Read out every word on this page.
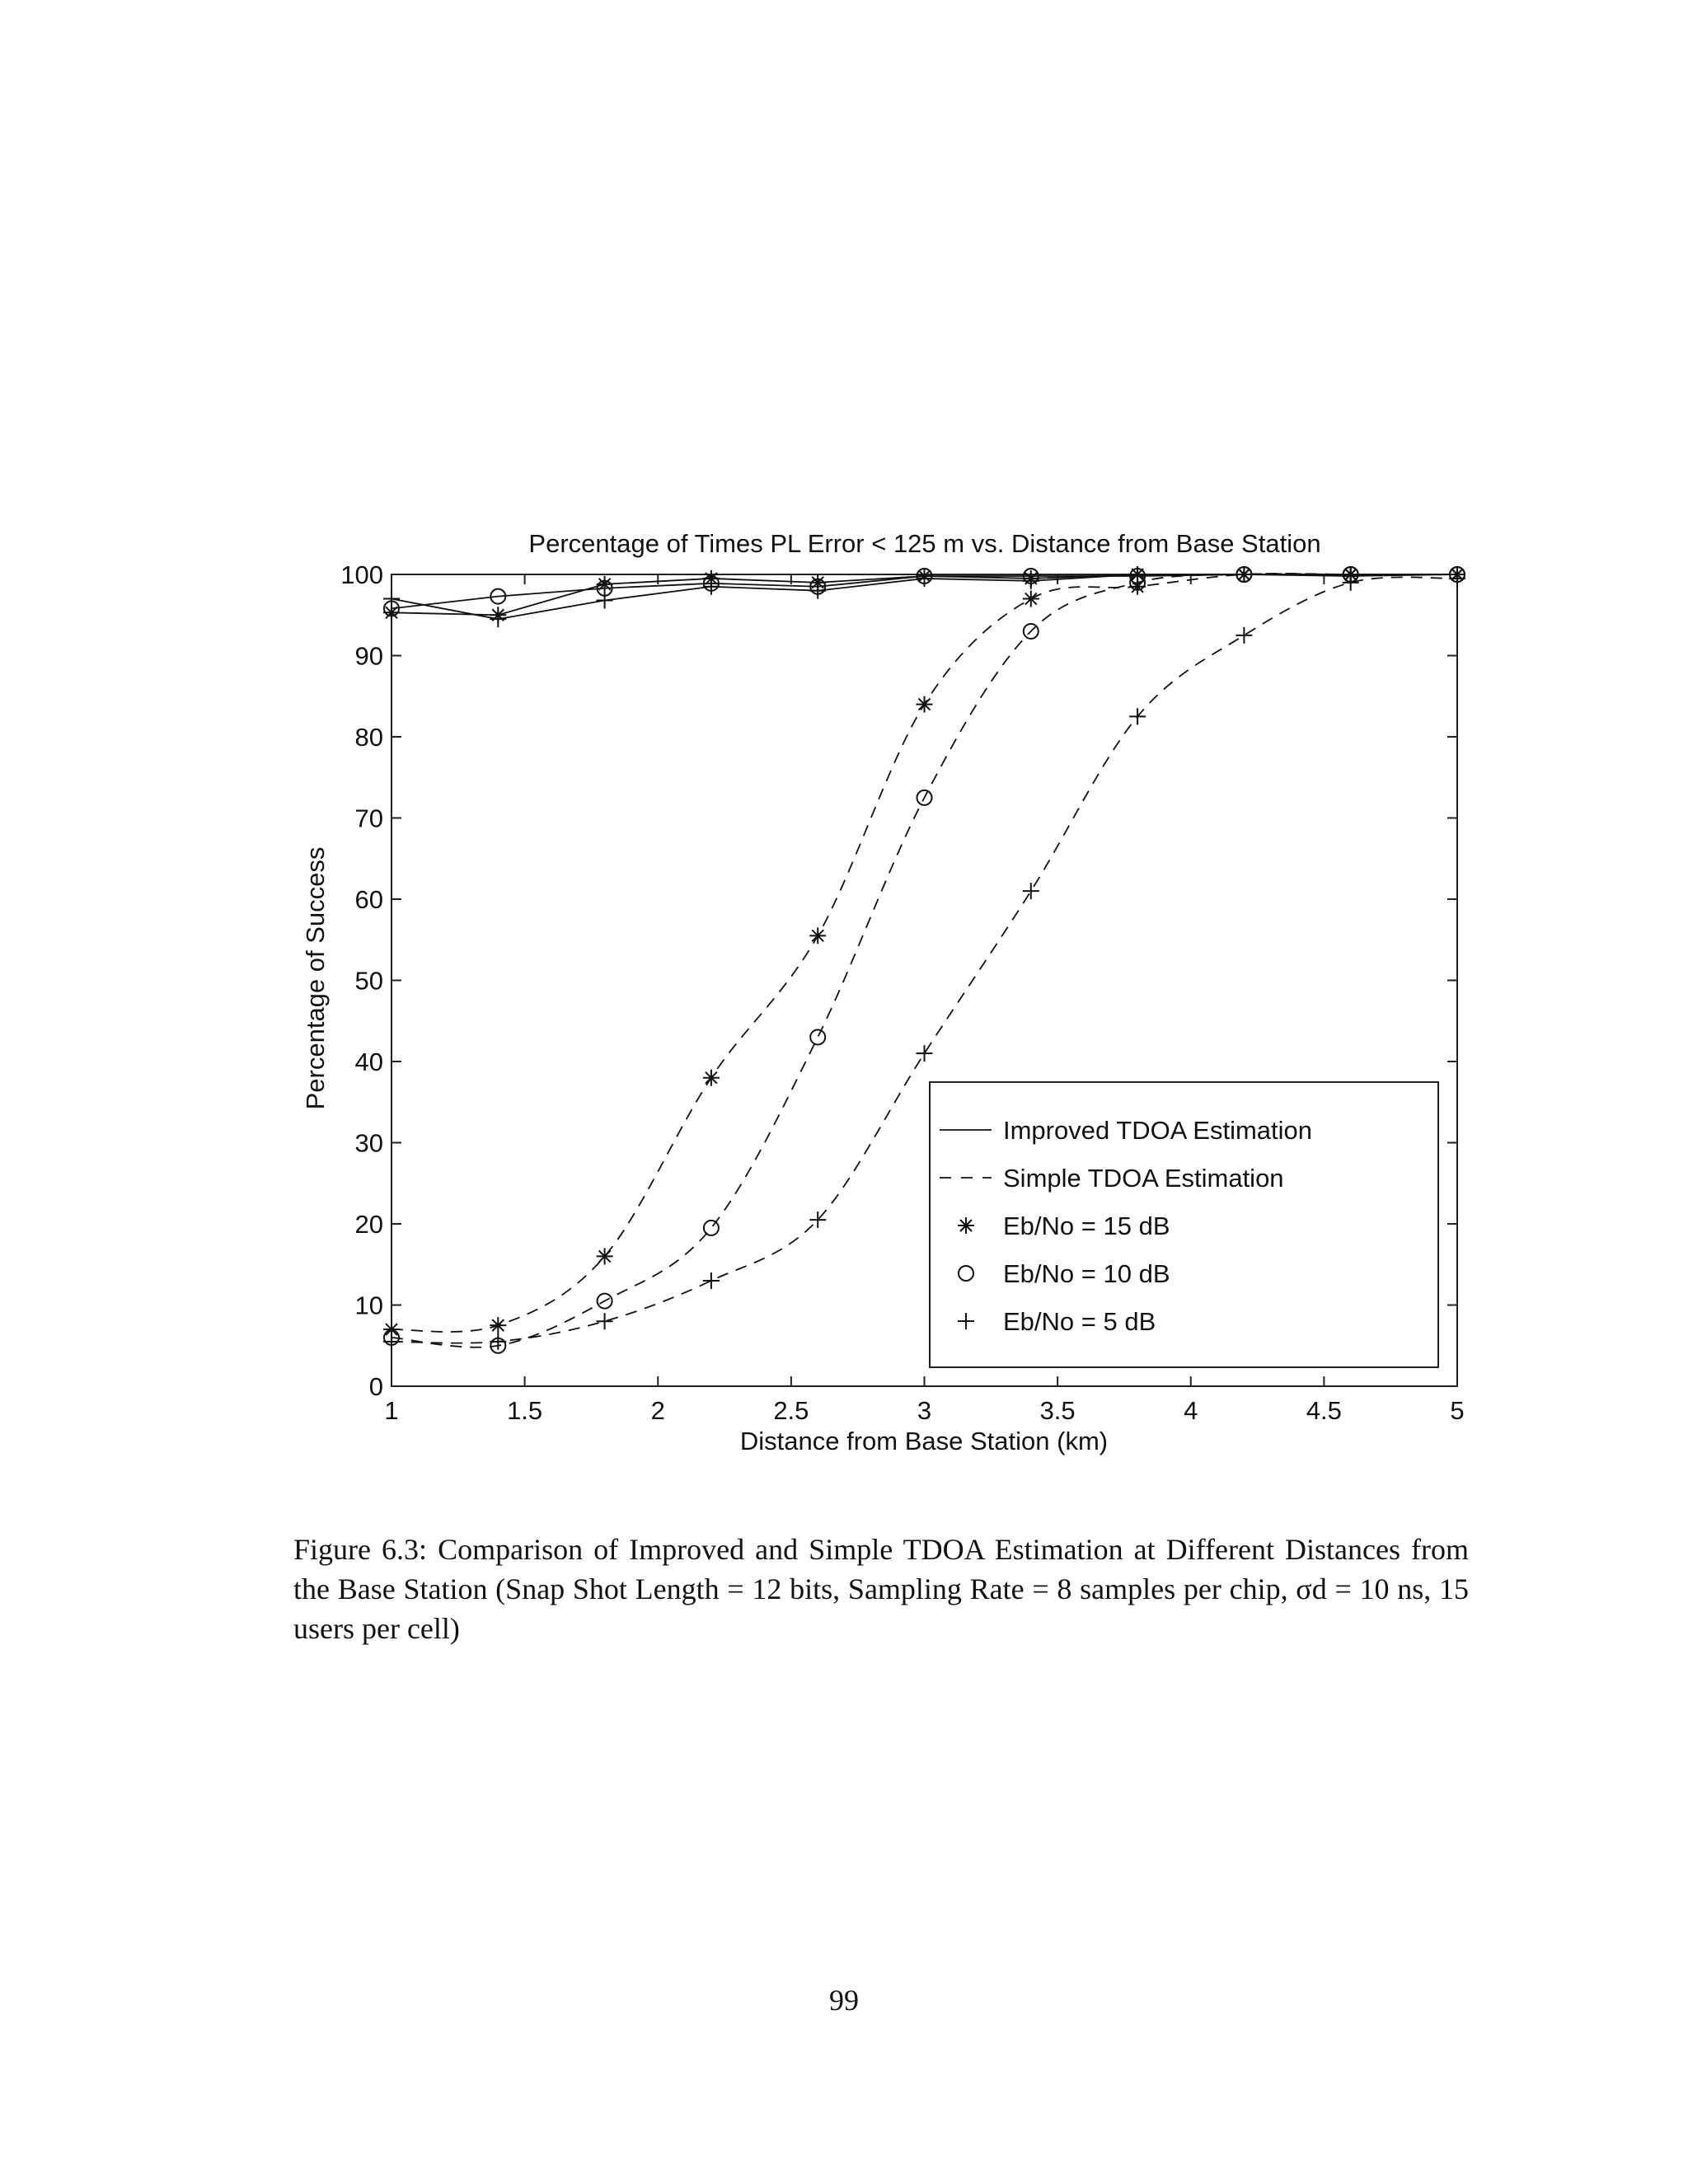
Percentage of Times PL Error < 125 m vs. Distance from Base Station
Percentage of Success
Distance from Base Station (km)
1	1.5	2	2.5	3	3.5	4	4.5	5
0
10
20
30
40
50
60
70
80
90
100
Improved TDOA Estimation
Simple TDOA Estimation
Eb/No = 15 dB
Eb/No = 10 dB
Eb/No = 5 dB
Figure 6.3: Comparison of Improved and Simple TDOA Estimation at Different Distances from the Base Station (Snap Shot Length = 12 bits, Sampling Rate = 8 samples per chip, σd = 10 ns, 15 users per cell)
99
